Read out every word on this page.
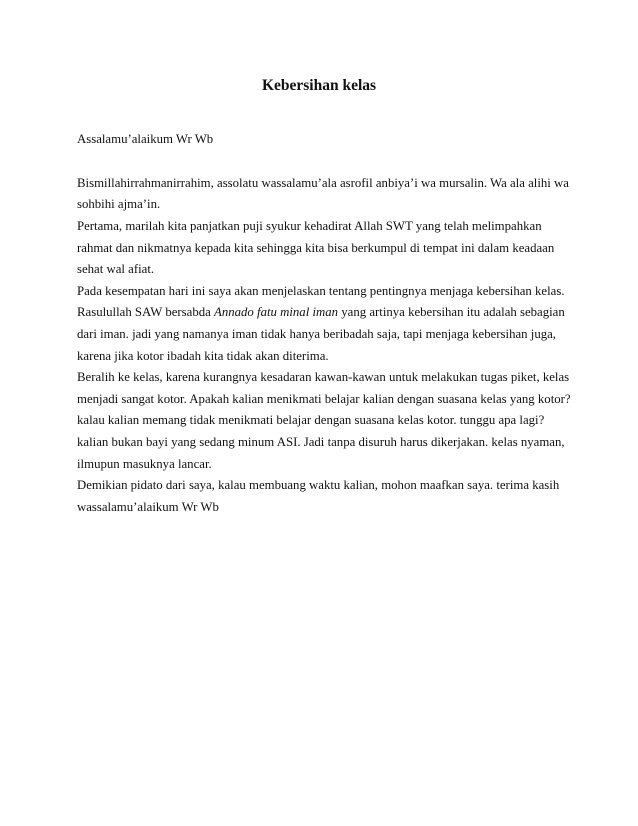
Kebersihan kelas
Assalamu’alaikum Wr Wb
Bismillahirrahmanirrahim, assolatu wassalamu’ala asrofil anbiya’i wa mursalin. Wa ala alihi wa
sohbihi ajma’in.
Pertama, marilah kita panjatkan puji syukur kehadirat Allah SWT yang telah melimpahkan
rahmat dan nikmatnya kepada kita sehingga kita bisa berkumpul di tempat ini dalam keadaan
sehat wal afiat.
Pada kesempatan hari ini saya akan menjelaskan tentang pentingnya menjaga kebersihan kelas.
Rasulullah SAW bersabda Annado fatu minal iman yang artinya kebersihan itu adalah sebagian
dari iman. jadi yang namanya iman tidak hanya beribadah saja, tapi menjaga kebersihan juga,
karena jika kotor ibadah kita tidak akan diterima.
Beralih ke kelas, karena kurangnya kesadaran kawan-kawan untuk melakukan tugas piket, kelas
menjadi sangat kotor. Apakah kalian menikmati belajar kalian dengan suasana kelas yang kotor?
kalau kalian memang tidak menikmati belajar dengan suasana kelas kotor. tunggu apa lagi?
kalian bukan bayi yang sedang minum ASI. Jadi tanpa disuruh harus dikerjakan. kelas nyaman,
ilmupun masuknya lancar.
Demikian pidato dari saya, kalau membuang waktu kalian, mohon maafkan saya. terima kasih
wassalamu’alaikum Wr Wb
